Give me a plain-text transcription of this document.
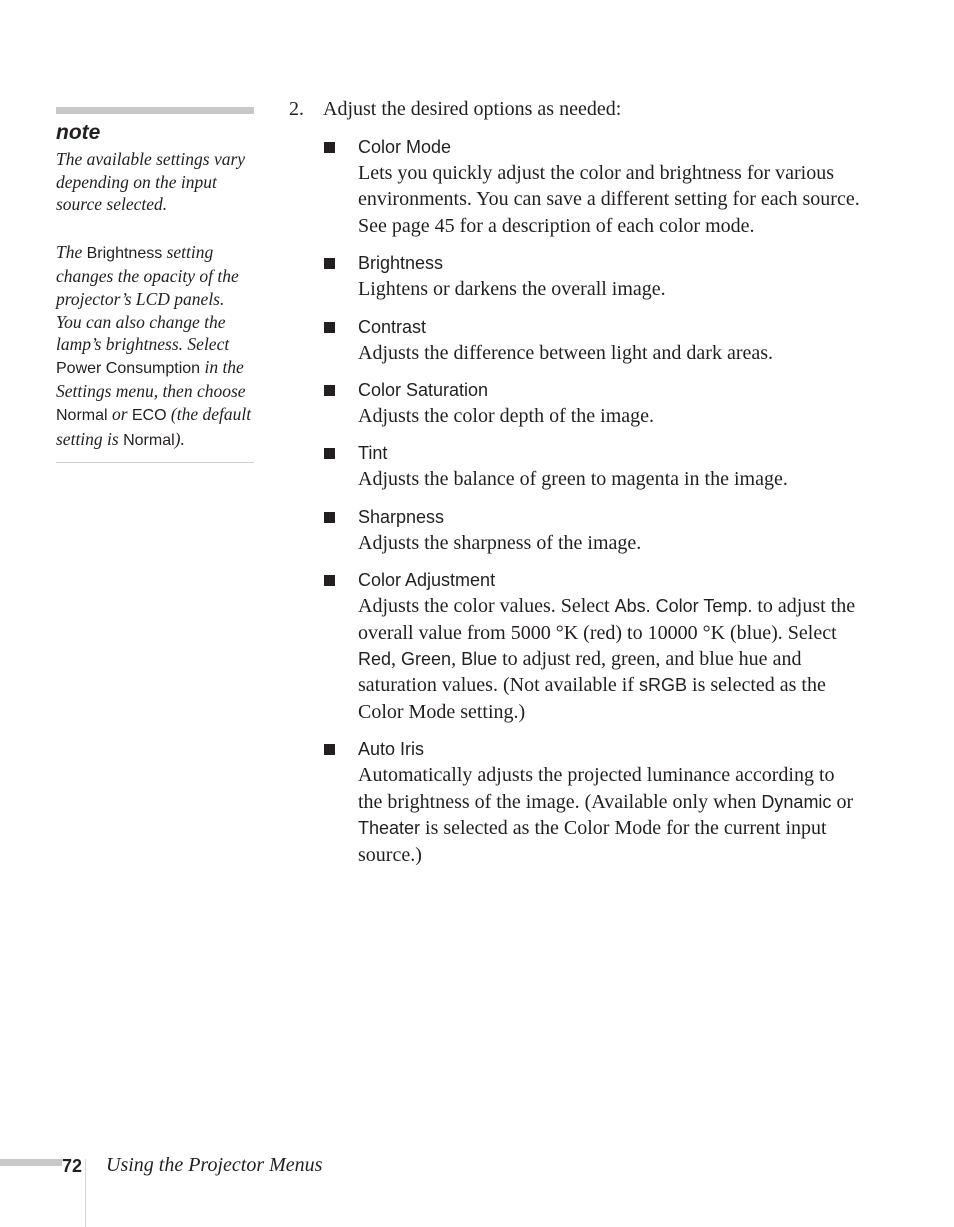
note

The available settings vary depending on the input source selected.

The Brightness setting changes the opacity of the projector’s LCD panels. You can also change the lamp’s brightness. Select Power Consumption in the Settings menu, then choose Normal or ECO (the default setting is Normal).

2. Adjust the desired options as needed:
Color Mode
Lets you quickly adjust the color and brightness for various environments. You can save a different setting for each source. See page 45 for a description of each color mode.
Brightness
Lightens or darkens the overall image.
Contrast
Adjusts the difference between light and dark areas.
Color Saturation
Adjusts the color depth of the image.
Tint
Adjusts the balance of green to magenta in the image.
Sharpness
Adjusts the sharpness of the image.
Color Adjustment
Adjusts the color values. Select Abs. Color Temp. to adjust the overall value from 5000 °K (red) to 10000 °K (blue). Select Red, Green, Blue to adjust red, green, and blue hue and saturation values. (Not available if sRGB is selected as the Color Mode setting.)
Auto Iris
Automatically adjusts the projected luminance according to the brightness of the image. (Available only when Dynamic or Theater is selected as the Color Mode for the current input source.)
72 Using the Projector Menus
